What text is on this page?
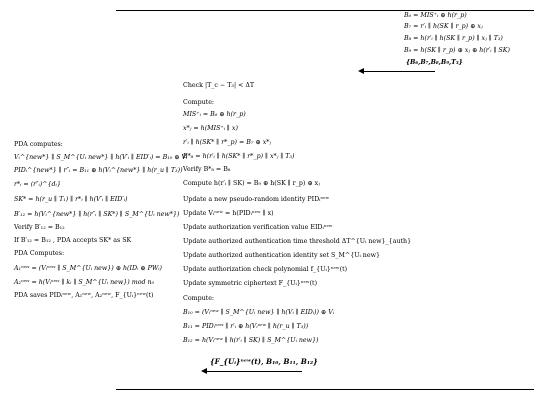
B₆ = MIS⁺ᵢ ⊕ h(r_p)
B₇ = r′ᵢ ∥ h(SK ∥ r_p) ⊕ xⱼ
B₈ = h(r′ᵢ ∥ h(SK ∥ r_p) ∥ xⱼ ∥ T₃)
B₉ = h(SK ∥ r_p) ⊕ xⱼ ⊕ h(r′ᵢ ∥ SK)
{B₆,B₇,B₈,B₉,T₃}
Check |T_c − T₃| < ΔT
Compute:
MIS⁺ᵢ = B₆ ⊕ h(r_p)
x*ⱼ = h(MIS⁺ᵢ ∥ x)
r′ᵢ ∥ h(SK* ∥ r*_p) = B₇ ⊕ x*ⱼ
B*₈ = h(r′ᵢ ∥ h(SK* ∥ r*_p) ∥ x*ⱼ ∥ T₃)
Verify B*₈ = B₈
Compute h(r′ᵢ ∥ SK) = B₉ ⊕ h(SK ∥ r_p) ⊕ xⱼ
Update a new pseudo-random identity PIDᵢⁿᵉʷ
Update Vᵢⁿᵉʷ = h(PIDᵢⁿᵉʷ ∥ x)
Update authorization verification value EIDᵢⁿᵉʷ
Update authorized authentication time threshold ΔT^{Uᵢ new}_{auth}
Update authorized authentication identity set S_M^{Uᵢ new}
Update authorization check polynomial f_{Uᵢ}ⁿᵉʷ(t)
Update symmetric ciphertext F_{Uᵢ}ⁿᵉʷ(t)
Compute:
B₁₀ = (Vᵢⁿᵉʷ ∥ S_M^{Uᵢ new} ∥ h(Vᵢ ∥ EIDᵢ)) ⊕ Vᵢ
B₁₁ = PIDᵢⁿᵉʷ ∥ r′ᵢ ⊕ h(Vᵢⁿᵉʷ ∥ h(r_u ∥ T₃))
B₁₂ = h(Vᵢⁿᵉʷ ∥ h(r′ᵢ ∥ SK) ∥ S_M^{Uᵢ new})
{F_{Uᵢ}ⁿᵉʷ(t), B₁₀, B₁₁, B₁₂}
PDA computes:
Vᵢ^{new*} ∥ S_M^{Uᵢ new*} ∥ h(V′ᵢ ∥ EID′ᵢ) = B₁₀ ⊕ Vᵢ
PIDᵢ^{new*} ∥ r″ᵢ = B₁₁ ⊕ h(Vᵢ^{new*} ∥ h(r_u ∥ T₃))
r*ᵢ = (r″ᵢ)^{dᵢ}
SK* = h(r_u ∥ T₁) ∥ r*ᵢ ∥ h(V′ᵢ ∥ EID′ᵢ)
B′₁₂ = h(Vᵢ^{new*} ∥ h(r″ᵢ ∥ SK*) ∥ S_M^{Uᵢ new*})
Verify B′₁₂ = B₁₂
If B′₁₂ = B₁₂ , PDA accepts SK* as SK
PDA Computes:
A₁ⁿᵉʷ = (Vᵢⁿᵉʷ ∥ S_M^{Uᵢ new}) ⊕ h(IDᵢ ⊕ PWᵢ)
A₂ⁿᵉʷ = h(Vᵢⁿᵉʷ ∥ kᵢ ∥ S_M^{Uᵢ new}) mod n₀
PDA saves PIDᵢⁿᵉʷ, A₁ⁿᵉʷ, A₂ⁿᵉʷ, F_{Uᵢ}ⁿᵉʷ(t)
